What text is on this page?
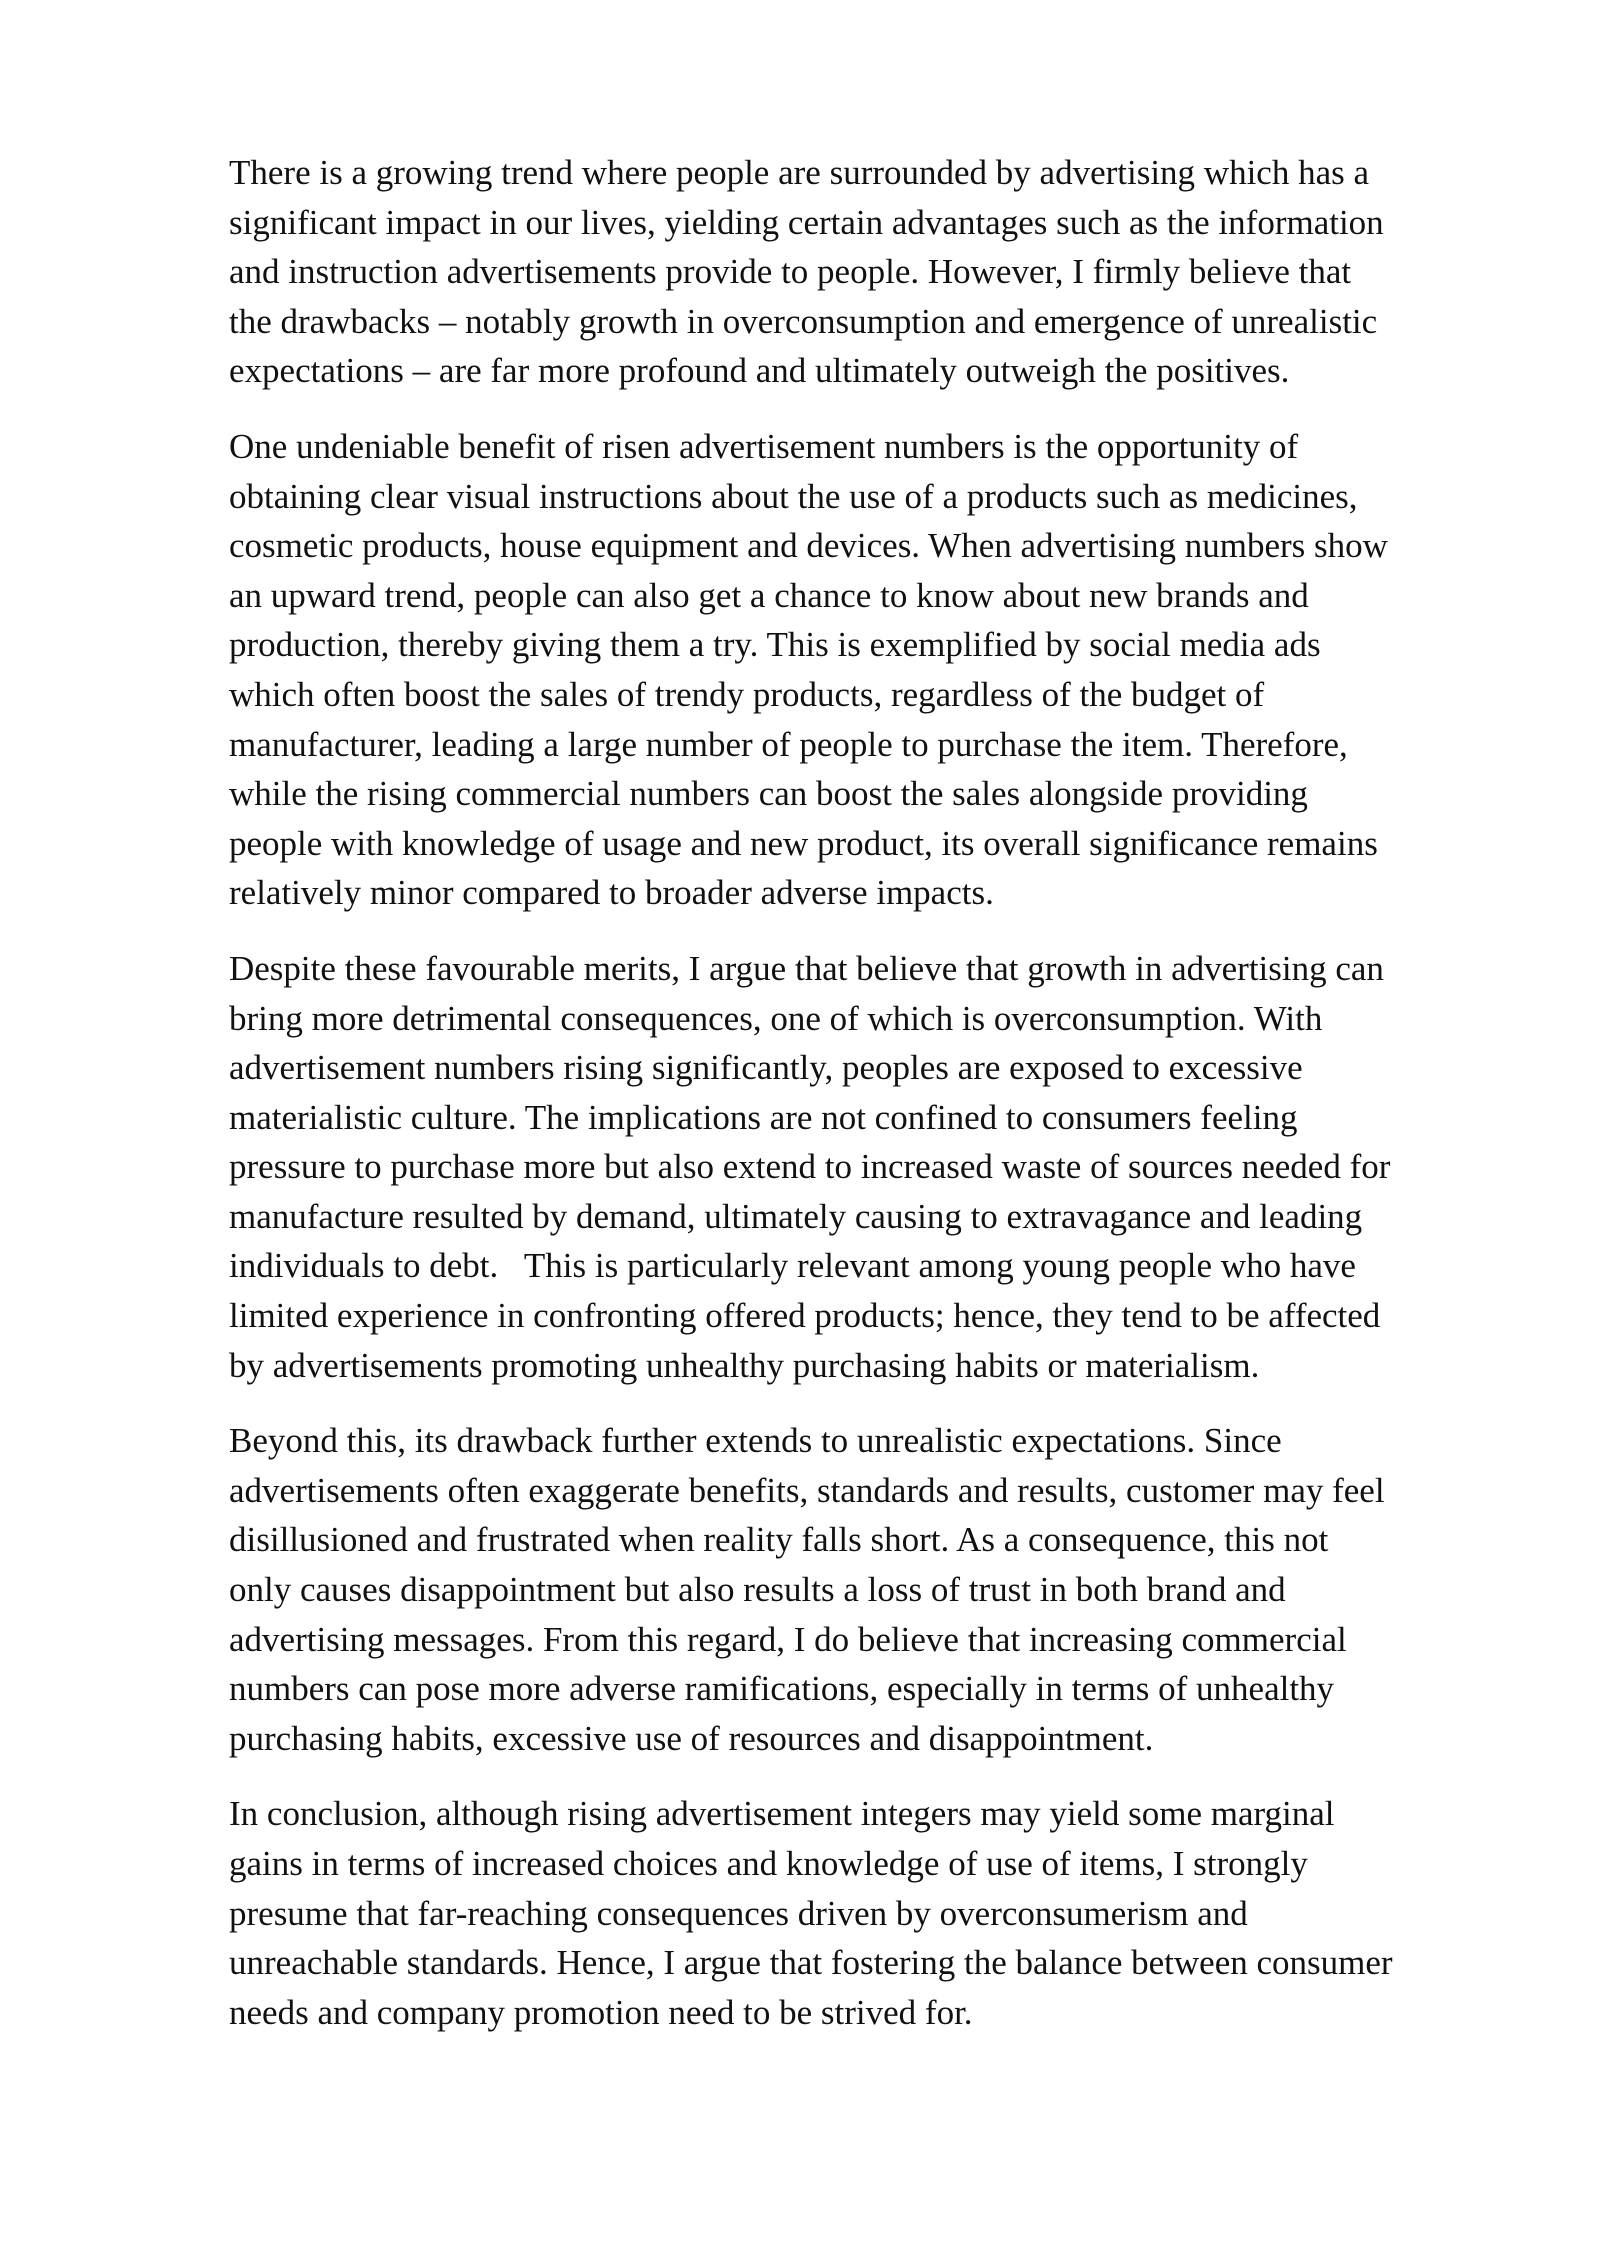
There is a growing trend where people are surrounded by advertising which has a
significant impact in our lives, yielding certain advantages such as the information
and instruction advertisements provide to people. However, I firmly believe that
the drawbacks – notably growth in overconsumption and emergence of unrealistic
expectations – are far more profound and ultimately outweigh the positives.

One undeniable benefit of risen advertisement numbers is the opportunity of
obtaining clear visual instructions about the use of a products such as medicines,
cosmetic products, house equipment and devices. When advertising numbers show
an upward trend, people can also get a chance to know about new brands and
production, thereby giving them a try. This is exemplified by social media ads
which often boost the sales of trendy products, regardless of the budget of
manufacturer, leading a large number of people to purchase the item. Therefore,
while the rising commercial numbers can boost the sales alongside providing
people with knowledge of usage and new product, its overall significance remains
relatively minor compared to broader adverse impacts.

Despite these favourable merits, I argue that believe that growth in advertising can
bring more detrimental consequences, one of which is overconsumption. With
advertisement numbers rising significantly, peoples are exposed to excessive
materialistic culture. The implications are not confined to consumers feeling
pressure to purchase more but also extend to increased waste of sources needed for
manufacture resulted by demand, ultimately causing to extravagance and leading
individuals to debt.   This is particularly relevant among young people who have
limited experience in confronting offered products; hence, they tend to be affected
by advertisements promoting unhealthy purchasing habits or materialism.

Beyond this, its drawback further extends to unrealistic expectations. Since
advertisements often exaggerate benefits, standards and results, customer may feel
disillusioned and frustrated when reality falls short. As a consequence, this not
only causes disappointment but also results a loss of trust in both brand and
advertising messages. From this regard, I do believe that increasing commercial
numbers can pose more adverse ramifications, especially in terms of unhealthy
purchasing habits, excessive use of resources and disappointment.

In conclusion, although rising advertisement integers may yield some marginal
gains in terms of increased choices and knowledge of use of items, I strongly
presume that far-reaching consequences driven by overconsumerism and
unreachable standards. Hence, I argue that fostering the balance between consumer
needs and company promotion need to be strived for.
